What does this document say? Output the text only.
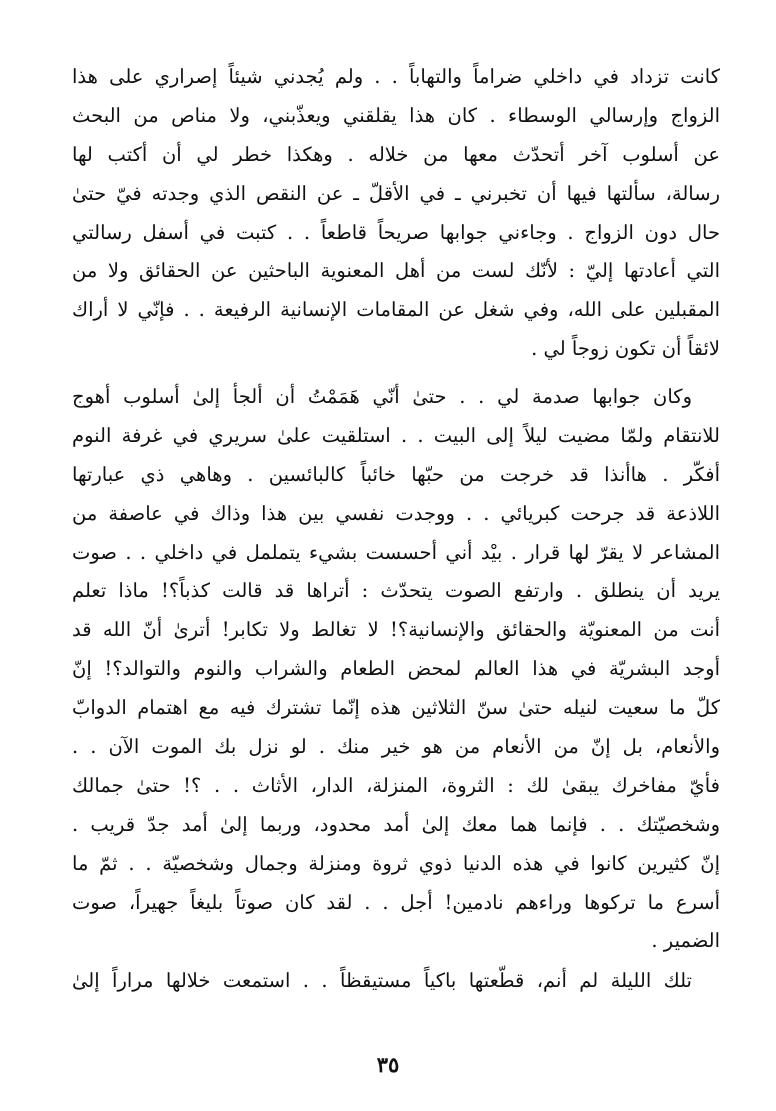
كانت تزداد في داخلي ضراماً والتهاباً . . ولم يُجدني شيئاً إصراري على هذا
الزواج وإرسالي الوسطاء . كان هذا يقلقني ويعذّبني، ولا مناص من البحث
عن أسلوب آخر أتحدّث معها من خلاله . وهكذا خطر لي أن أكتب لها
رسالة، سألتها فيها أن تخبرني ـ في الأقلّ ـ عن النقص الذي وجدته فيّ حتىٰ
حال دون الزواج . وجاءني جوابها صريحاً قاطعاً . . كتبت في أسفل رسالتي
التي أعادتها إليّ : لأنّك لست من أهل المعنوية الباحثين عن الحقائق ولا من
المقبلين على الله، وفي شغل عن المقامات الإنسانية الرفيعة . . فإنّي لا أراك
لائقاً أن تكون زوجاً لي .
وكان جوابها صدمة لي . . حتىٰ أنّي هَمَمْتُ أن ألجأ إلىٰ أسلوب أهوج
للانتقام ولمّا مضيت ليلاً إلى البيت . . استلقيت علىٰ سريري في غرفة النوم
أفكّر . هاأنذا قد خرجت من حبّها خائباً كالبائسين . وهاهي ذي عبارتها
اللاذعة قد جرحت كبريائي . . ووجدت نفسي بين هذا وذاك في عاصفة من
المشاعر لا يقرّ لها قرار . بيْد أني أحسست بشيء يتململ في داخلي . . صوت
يريد أن ينطلق . وارتفع الصوت يتحدّث : أتراها قد قالت كذباً؟! ماذا تعلم
أنت من المعنويّة والحقائق والإنسانية؟! لا تغالط ولا تكابر! أترىٰ أنّ الله قد
أوجد البشريّة في هذا العالم لمحض الطعام والشراب والنوم والتوالد؟! إنّ
كلّ ما سعيت لنيله حتىٰ سنّ الثلاثين هذه إنّما تشترك فيه مع اهتمام الدوابّ
والأنعام، بل إنّ من الأنعام من هو خير منك . لو نزل بك الموت الآن . .
فأيّ مفاخرك يبقىٰ لك : الثروة، المنزلة، الدار، الأثاث . . ؟! حتىٰ جمالك
وشخصيّتك . . فإنما هما معك إلىٰ أمد محدود، وربما إلىٰ أمد جدّ قريب .
إنّ كثيرين كانوا في هذه الدنيا ذوي ثروة ومنزلة وجمال وشخصيّة . . ثمّ ما
أسرع ما تركوها وراءهم نادمين! أجل . . لقد كان صوتاً بليغاً جهيراً، صوت
الضمير .
تلك الليلة لم أنم، قطّعتها باكياً مستيقظاً . . استمعت خلالها مراراً إلىٰ
٣٥
